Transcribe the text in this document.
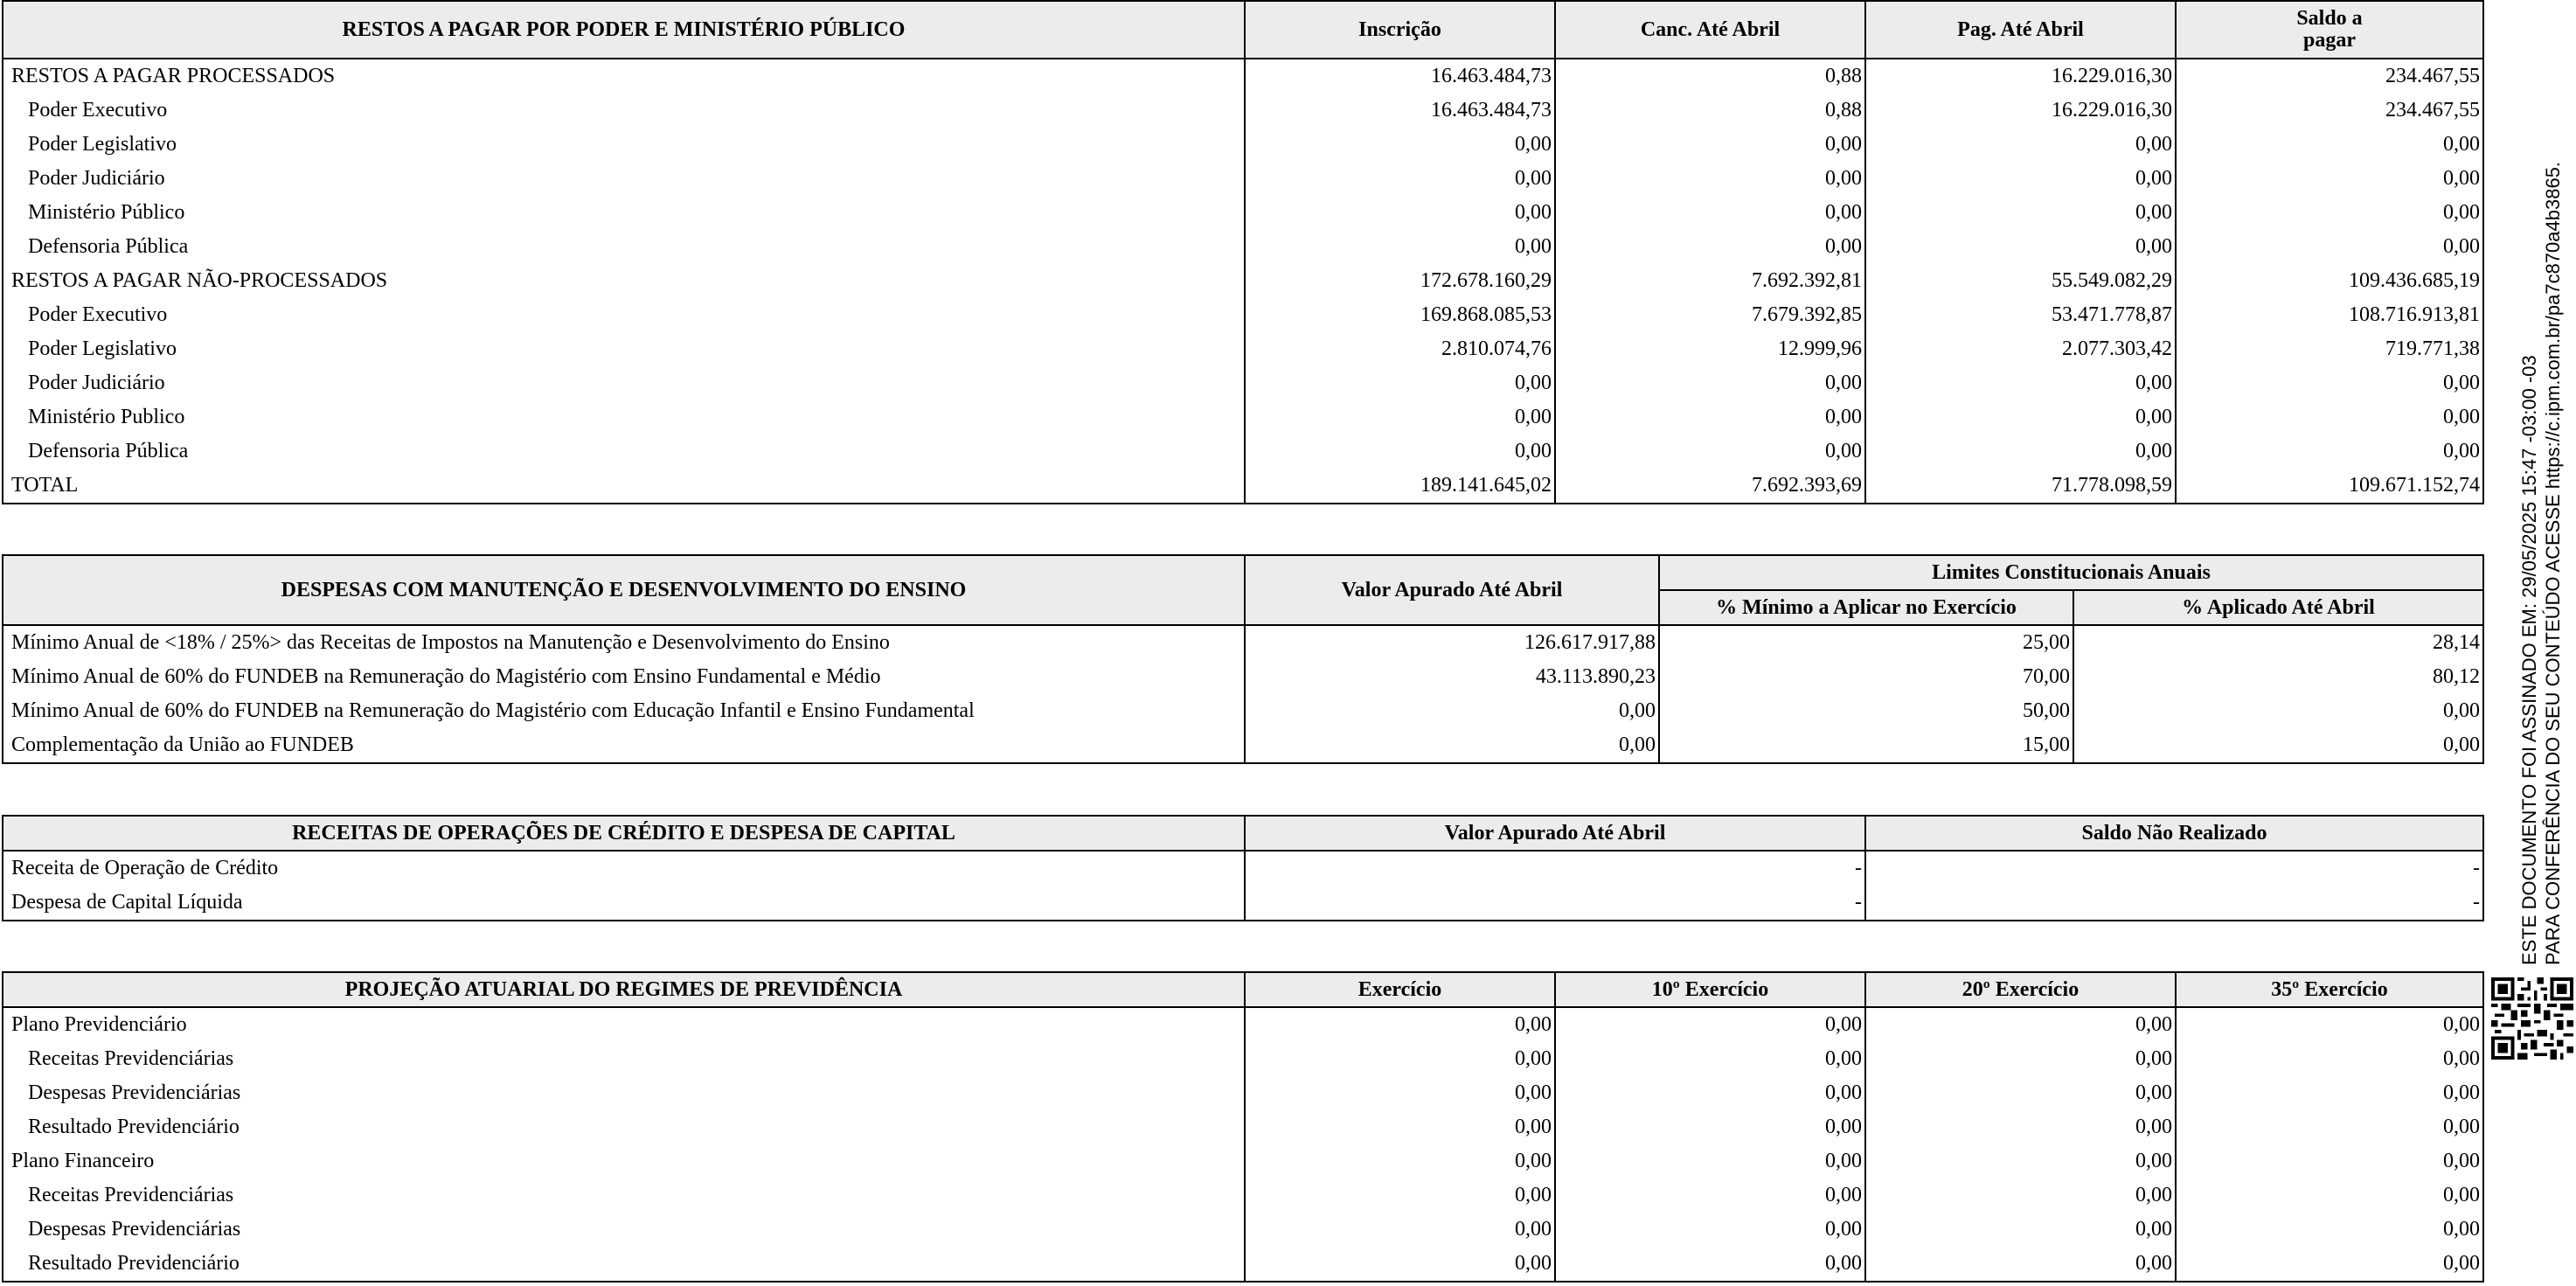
RESTOS A PAGAR POR PODER E MINISTÉRIO PÚBLICO	Inscrição	Canc. Até Abril	Pag. Até Abril	Saldo a
pagar
RESTOS A PAGAR PROCESSADOS	16.463.484,73	0,88	16.229.016,30	234.467,55
Poder Executivo	16.463.484,73	0,88	16.229.016,30	234.467,55
Poder Legislativo	0,00	0,00	0,00	0,00
Poder Judiciário	0,00	0,00	0,00	0,00
Ministério Público	0,00	0,00	0,00	0,00
Defensoria Pública	0,00	0,00	0,00	0,00
RESTOS A PAGAR NÃO-PROCESSADOS	172.678.160,29	7.692.392,81	55.549.082,29	109.436.685,19
Poder Executivo	169.868.085,53	7.679.392,85	53.471.778,87	108.716.913,81
Poder Legislativo	2.810.074,76	12.999,96	2.077.303,42	719.771,38
Poder Judiciário	0,00	0,00	0,00	0,00
Ministério Publico	0,00	0,00	0,00	0,00
Defensoria Pública	0,00	0,00	0,00	0,00
TOTAL	189.141.645,02	7.692.393,69	71.778.098,59	109.671.152,74
DESPESAS COM MANUTENÇÃO E DESENVOLVIMENTO DO ENSINO	Valor Apurado Até Abril	Limites Constitucionais Anuais	
		% Mínimo a Aplicar no Exercício	% Aplicado Até Abril
Mínimo Anual de <18% / 25%> das Receitas de Impostos na Manutenção e Desenvolvimento do Ensino	126.617.917,88	25,00	28,14
Mínimo Anual de 60% do FUNDEB na Remuneração do Magistério com Ensino Fundamental e Médio	43.113.890,23	70,00	80,12
Mínimo Anual de 60% do FUNDEB na Remuneração do Magistério com Educação Infantil e Ensino Fundamental	0,00	50,00	0,00
Complementação da União ao FUNDEB	0,00	15,00	0,00
RECEITAS DE OPERAÇÕES DE CRÉDITO E DESPESA DE CAPITAL	Valor Apurado Até Abril	Saldo Não Realizado
Receita de Operação de Crédito	-	-
Despesa de Capital Líquida	-	-
PROJEÇÃO ATUARIAL DO REGIMES DE PREVIDÊNCIA	Exercício	10º Exercício	20º Exercício	35º Exercício
Plano Previdenciário	0,00	0,00	0,00	0,00
Receitas Previdenciárias	0,00	0,00	0,00	0,00
Despesas Previdenciárias	0,00	0,00	0,00	0,00
Resultado Previdenciário	0,00	0,00	0,00	0,00
Plano Financeiro	0,00	0,00	0,00	0,00
Receitas Previdenciárias	0,00	0,00	0,00	0,00
Despesas Previdenciárias	0,00	0,00	0,00	0,00
Resultado Previdenciário	0,00	0,00	0,00	0,00
ESTE DOCUMENTO FOI ASSINADO EM: 29/05/2025 15:47 -03:00 -03 PARA CONFERÊNCIA DO SEU CONTEÚDO ACESSE https://c.ipm.com.br/pa7c870a4b3865.
